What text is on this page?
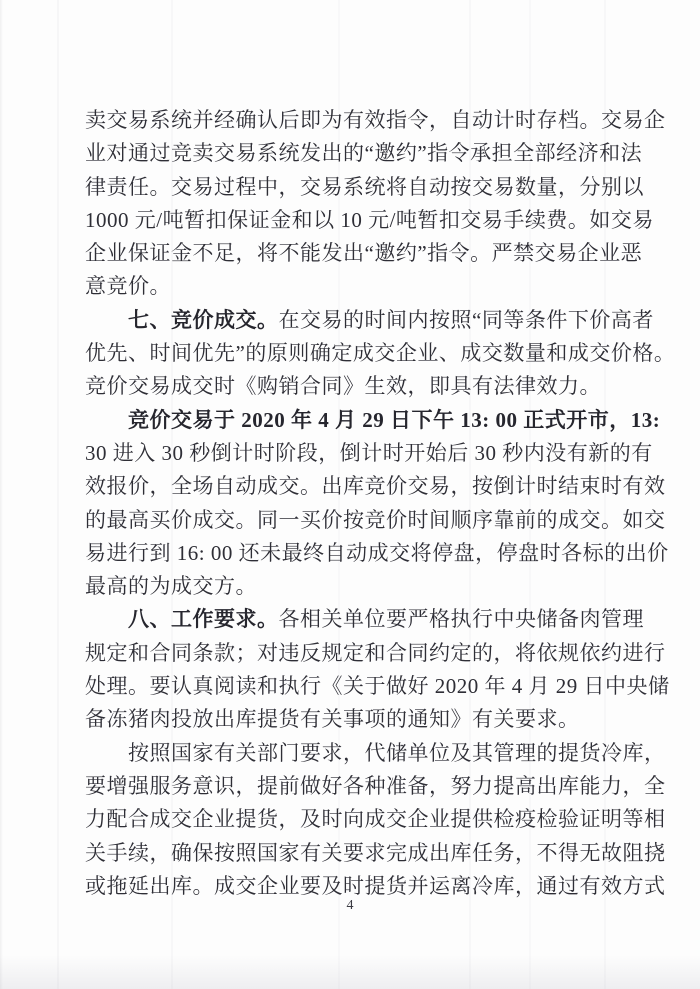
卖交易系统并经确认后即为有效指令，自动计时存档。交易企
业对通过竞卖交易系统发出的“邀约”指令承担全部经济和法
律责任。交易过程中，交易系统将自动按交易数量，分别以
1000 元/吨暂扣保证金和以 10 元/吨暂扣交易手续费。如交易
企业保证金不足，将不能发出“邀约”指令。严禁交易企业恶
意竞价。
七、竞价成交。在交易的时间内按照“同等条件下价高者
优先、时间优先”的原则确定成交企业、成交数量和成交价格。
竞价交易成交时《购销合同》生效，即具有法律效力。
竞价交易于 2020 年 4 月 29 日下午 13: 00 正式开市，13:
30 进入 30 秒倒计时阶段，倒计时开始后 30 秒内没有新的有
效报价，全场自动成交。出库竞价交易，按倒计时结束时有效
的最高买价成交。同一买价按竞价时间顺序靠前的成交。如交
易进行到 16: 00 还未最终自动成交将停盘，停盘时各标的出价
最高的为成交方。
八、工作要求。各相关单位要严格执行中央储备肉管理
规定和合同条款；对违反规定和合同约定的，将依规依约进行
处理。要认真阅读和执行《关于做好 2020 年 4 月 29 日中央储
备冻猪肉投放出库提货有关事项的通知》有关要求。
按照国家有关部门要求，代储单位及其管理的提货冷库，
要增强服务意识，提前做好各种准备，努力提高出库能力，全
力配合成交企业提货，及时向成交企业提供检疫检验证明等相
关手续，确保按照国家有关要求完成出库任务，不得无故阻挠
或拖延出库。成交企业要及时提货并运离冷库，通过有效方式
4
